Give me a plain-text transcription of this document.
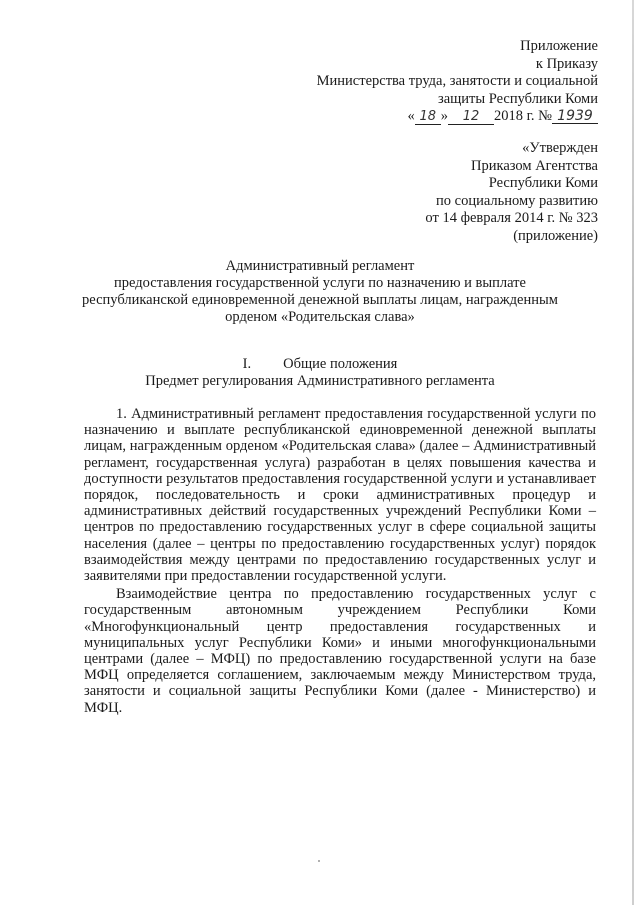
Приложение
к Приказу
Министерства труда, занятости и социальной
защиты Республики Коми
« 18 » 12 2018 г. № 1939
«Утвержден
Приказом Агентства
Республики Коми
по социальному развитию
от 14 февраля 2014 г. № 323
(приложение)
Административный регламент
предоставления государственной услуги по назначению и выплате
республиканской единовременной денежной выплаты лицам, награжденным
орденом «Родительская слава»
I. Общие положения
Предмет регулирования Административного регламента

1. Административный регламент предоставления государственной услуги по назначению и выплате республиканской единовременной денежной выплаты лицам, награжденным орденом «Родительская слава» (далее – Административный регламент, государственная услуга) разработан в целях повышения качества и доступности результатов предоставления государственной услуги и устанавливает порядок, последовательность и сроки административных процедур и административных действий государственных учреждений Республики Коми – центров по предоставлению государственных услуг в сфере социальной защиты населения (далее – центры по предоставлению государственных услуг) порядок взаимодействия между центрами по предоставлению государственных услуг и заявителями при предоставлении государственной услуги.

Взаимодействие центра по предоставлению государственных услуг с государственным автономным учреждением Республики Коми «Многофункциональный центр предоставления государственных и муниципальных услуг Республики Коми» и иными многофункциональными центрами (далее – МФЦ) по предоставлению государственной услуги на базе МФЦ определяется соглашением, заключаемым между Министерством труда, занятости и социальной защиты Республики Коми (далее - Министерство) и МФЦ.
